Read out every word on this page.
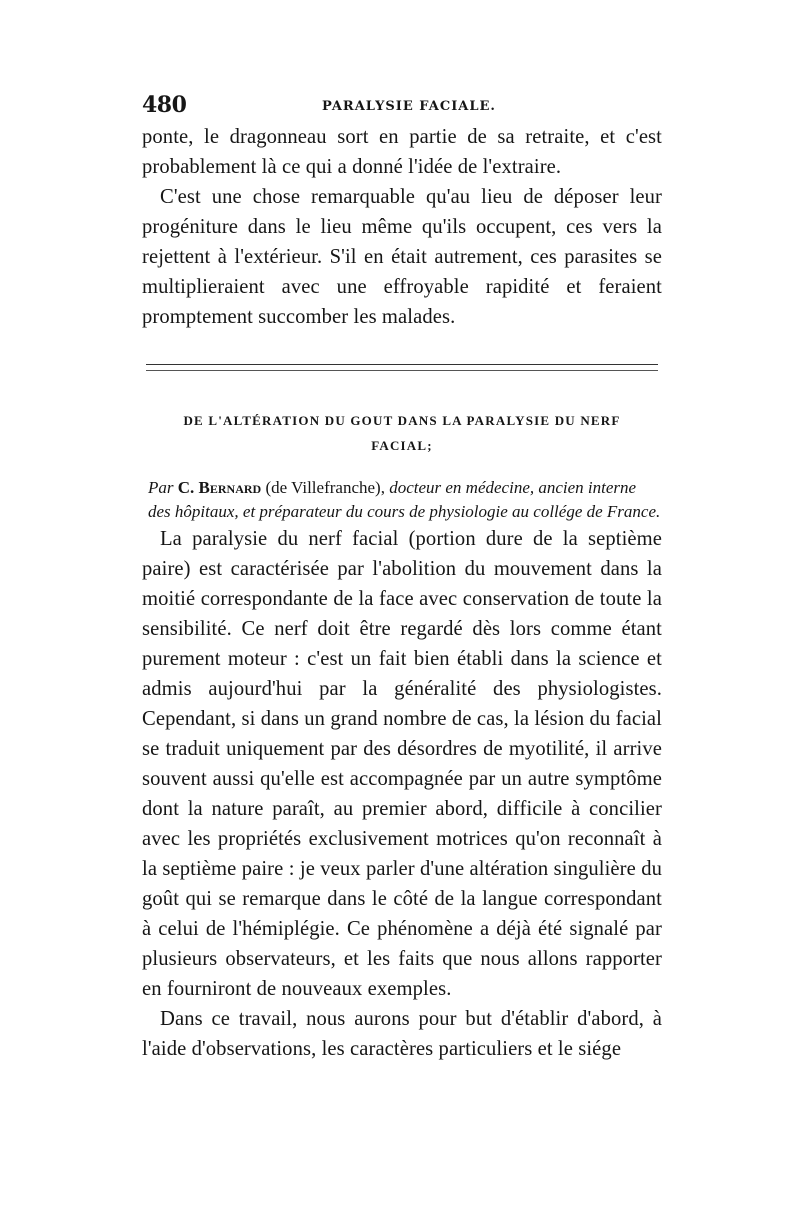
480	PARALYSIE FACIALE.

ponte, le dragonneau sort en partie de sa retraite, et c'est probablement là ce qui a donné l'idée de l'extraire.

C'est une chose remarquable qu'au lieu de déposer leur progéniture dans le lieu même qu'ils occupent, ces vers la rejettent à l'extérieur. S'il en était autrement, ces parasites se multiplieraient avec une effroyable rapidité et feraient promptement succomber les malades.

DE L'ALTÉRATION DU GOUT DANS LA PARALYSIE DU NERF
FACIAL;

Par C. Bernard (de Villefranche), docteur en médecine, ancien interne des hôpitaux, et préparateur du cours de physiologie au collége de France.

La paralysie du nerf facial (portion dure de la septième paire) est caractérisée par l'abolition du mouvement dans la moitié correspondante de la face avec conservation de toute la sensibilité. Ce nerf doit être regardé dès lors comme étant purement moteur : c'est un fait bien établi dans la science et admis aujourd'hui par la généralité des physiologistes. Cependant, si dans un grand nombre de cas, la lésion du facial se traduit uniquement par des désordres de myotilité, il arrive souvent aussi qu'elle est accompagnée par un autre symptôme dont la nature paraît, au premier abord, difficile à concilier avec les propriétés exclusivement motrices qu'on reconnaît à la septième paire : je veux parler d'une altération singulière du goût qui se remarque dans le côté de la langue correspondant à celui de l'hémiplégie. Ce phénomène a déjà été signalé par plusieurs observateurs, et les faits que nous allons rapporter en fourniront de nouveaux exemples.

Dans ce travail, nous aurons pour but d'établir d'abord, à l'aide d'observations, les caractères particuliers et le siége
